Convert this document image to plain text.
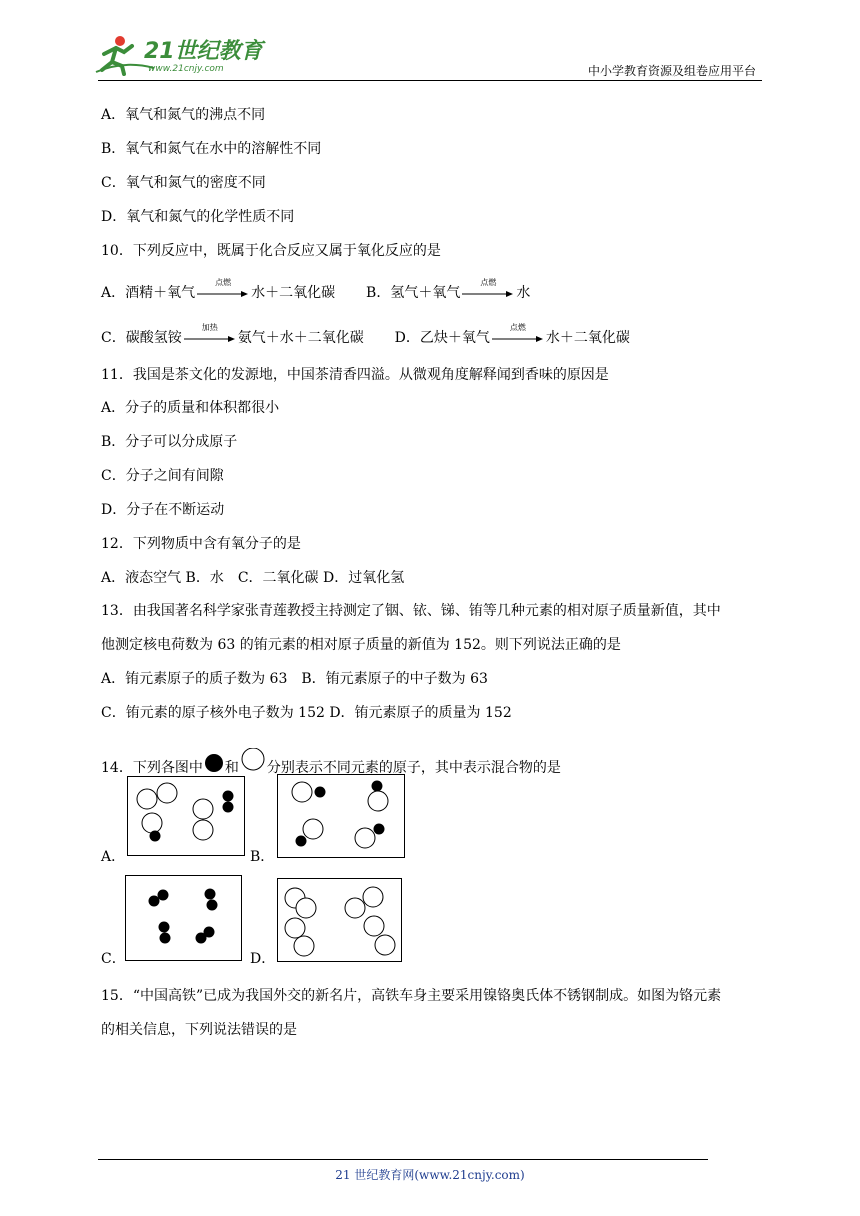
21世纪教育
www.21cnjy.com	中小学教育资源及组卷应用平台
A．氧气和氮气的沸点不同
B．氧气和氮气在水中的溶解性不同
C．氧气和氮气的密度不同
D．氧气和氮气的化学性质不同
10．下列反应中，既属于化合反应又属于氧化反应的是
A．酒精＋氧气
点燃
水＋二氧化碳 B．氢气＋氧气
点燃
水
C．碳酸氢铵
加热
氨气＋水＋二氧化碳 D．乙炔＋氧气
点燃
水＋二氧化碳
11．我国是茶文化的发源地，中国茶清香四溢。从微观角度解释闻到香味的原因是
A．分子的质量和体积都很小
B．分子可以分成原子
C．分子之间有间隙
D．分子在不断运动
12．下列物质中含有氧分子的是
A．液态空气 B．水　C．二氧化碳 D．过氧化氢
13．由我国著名科学家张青莲教授主持测定了铟、铱、锑、铕等几种元素的相对原子质量新值，其中
他测定核电荷数为 63 的铕元素的相对原子质量的新值为 152。则下列说法正确的是
A．铕元素原子的质子数为 63　B．铕元素原子的中子数为 63
C．铕元素的原子核外电子数为 152 D．铕元素原子的质量为 152
14．下列各图中 和 分别表示不同元素的原子，其中表示混合物的是
A．	B．
C．	D．
15．“中国高铁”已成为我国外交的新名片，高铁车身主要采用镍铬奥氏体不锈钢制成。如图为铬元素
的相关信息，下列说法错误的是
21 世纪教育网(www.21cnjy.com)
